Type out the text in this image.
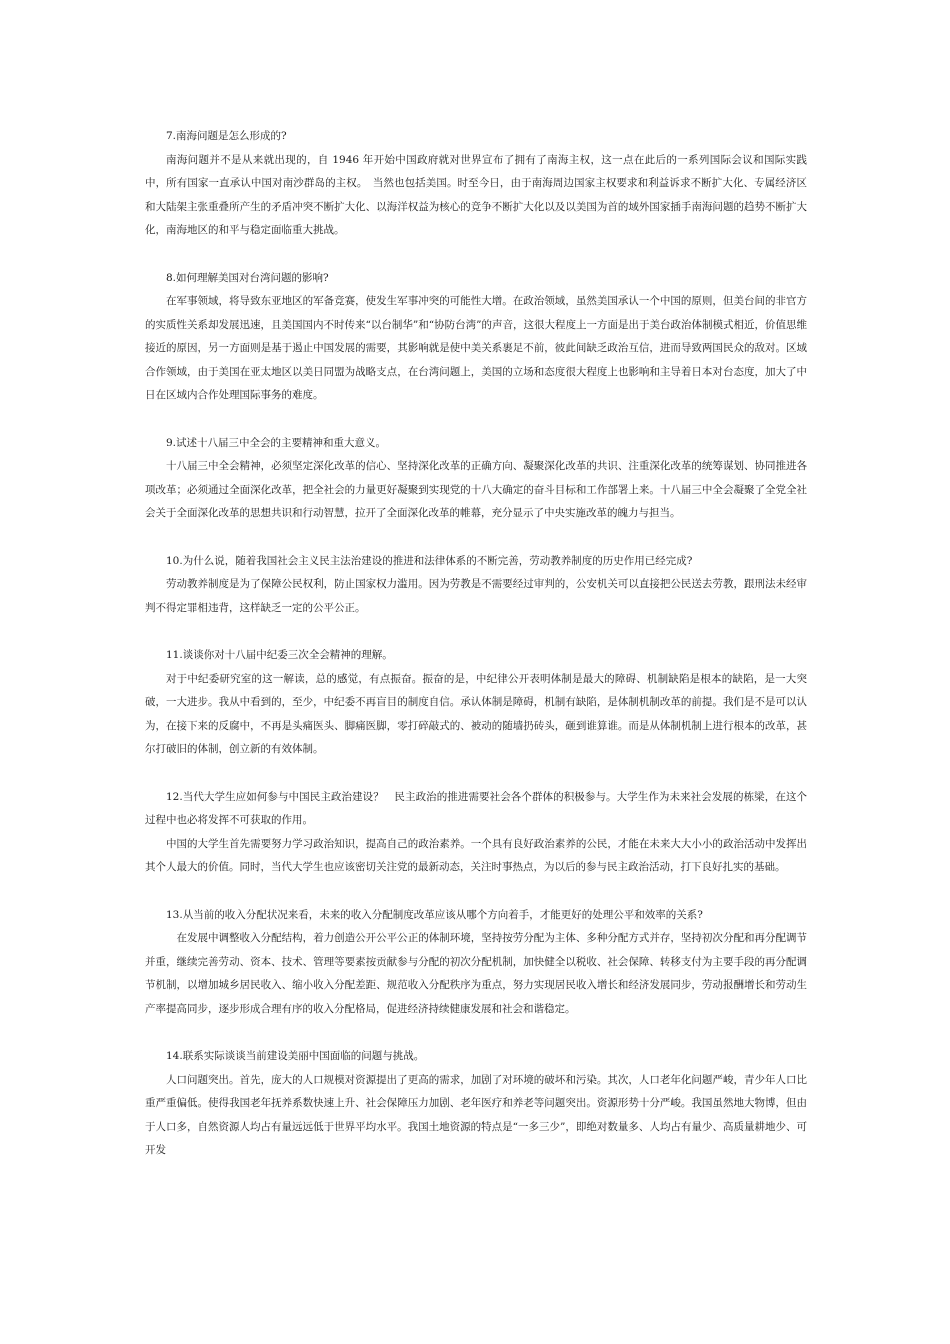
7.南海问题是怎么形成的?

南海问题并不是从来就出现的，自 1946 年开始中国政府就对世界宣布了拥有了南海主权，这一点在此后的一系列国际会议和国际实践中，所有国家一直承认中国对南沙群岛的主权。　当然也包括美国。时至今日，由于南海周边国家主权要求和利益诉求不断扩大化、专属经济区和大陆架主张重叠所产生的矛盾冲突不断扩大化、以海洋权益为核心的竞争不断扩大化以及以美国为首的域外国家插手南海问题的趋势不断扩大化，南海地区的和平与稳定面临重大挑战。

8.如何理解美国对台湾问题的影响?

在军事领域，将导致东亚地区的军备竞赛，使发生军事冲突的可能性大增。在政治领域，虽然美国承认一个中国的原则，但美台间的非官方的实质性关系却发展迅速，且美国国内不时传来“以台制华”和“协防台湾”的声音，这很大程度上一方面是出于美台政治体制模式相近，价值思维接近的原因，另一方面则是基于遏止中国发展的需要，其影响就是使中美关系裹足不前，彼此间缺乏政治互信，进而导致两国民众的敌对。区域合作领域，由于美国在亚太地区以美日同盟为战略支点，在台湾问题上，美国的立场和态度很大程度上也影响和主导着日本对台态度，加大了中日在区域内合作处理国际事务的难度。

9.试述十八届三中全会的主要精神和重大意义。

十八届三中全会精神，必须坚定深化改革的信心、坚持深化改革的正确方向、凝聚深化改革的共识、注重深化改革的统筹谋划、协同推进各项改革；必须通过全面深化改革，把全社会的力量更好凝聚到实现党的十八大确定的奋斗目标和工作部署上来。十八届三中全会凝聚了全党全社会关于全面深化改革的思想共识和行动智慧，拉开了全面深化改革的帷幕，充分显示了中央实施改革的魄力与担当。

10.为什么说，随着我国社会主义民主法治建设的推进和法律体系的不断完善，劳动教养制度的历史作用已经完成?

劳动教养制度是为了保障公民权利，防止国家权力滥用。因为劳教是不需要经过审判的，公安机关可以直接把公民送去劳教，跟刑法未经审判不得定罪相违背，这样缺乏一定的公平公正。

11.谈谈你对十八届中纪委三次全会精神的理解。

对于中纪委研究室的这一解读，总的感觉，有点振奋。振奋的是，中纪律公开表明体制是最大的障碍、机制缺陷是根本的缺陷，是一大突破，一大进步。我从中看到的，至少，中纪委不再盲目的制度自信。承认体制是障碍，机制有缺陷，是体制机制改革的前提。我们是不是可以认为，在接下来的反腐中，不再是头痛医头、脚痛医脚，零打碎敲式的、被动的随墙扔砖头，砸到谁算谁。而是从体制机制上进行根本的改革，甚尔打破旧的体制，创立新的有效体制。

12.当代大学生应如何参与中国民主政治建设？　民主政治的推进需要社会各个群体的积极参与。大学生作为未来社会发展的栋梁，在这个过程中也必将发挥不可获取的作用。

中国的大学生首先需要努力学习政治知识，提高自己的政治素养。一个具有良好政治素养的公民，才能在未来大大小小的政治活动中发挥出其个人最大的价值。同时，当代大学生也应该密切关注党的最新动态，关注时事热点，为以后的参与民主政治活动，打下良好扎实的基础。

13.从当前的收入分配状况来看，未来的收入分配制度改革应该从哪个方向着手，才能更好的处理公平和效率的关系?

　在发展中调整收入分配结构，着力创造公开公平公正的体制环境，坚持按劳分配为主体、多种分配方式并存，坚持初次分配和再分配调节并重，继续完善劳动、资本、技术、管理等要素按贡献参与分配的初次分配机制，加快健全以税收、社会保障、转移支付为主要手段的再分配调节机制，以增加城乡居民收入、缩小收入分配差距、规范收入分配秩序为重点，努力实现居民收入增长和经济发展同步，劳动报酬增长和劳动生产率提高同步，逐步形成合理有序的收入分配格局，促进经济持续健康发展和社会和谐稳定。

14.联系实际谈谈当前建设美丽中国面临的问题与挑战。

人口问题突出。首先，庞大的人口规模对资源提出了更高的需求，加剧了对环境的破坏和污染。其次，人口老年化问题严峻，青少年人口比重严重偏低。使得我国老年抚养系数快速上升、社会保障压力加剧、老年医疗和养老等问题突出。资源形势十分严峻。我国虽然地大物博，但由于人口多，自然资源人均占有量远远低于世界平均水平。我国土地资源的特点是“一多三少”，即绝对数量多、人均占有量少、高质量耕地少、可开发
